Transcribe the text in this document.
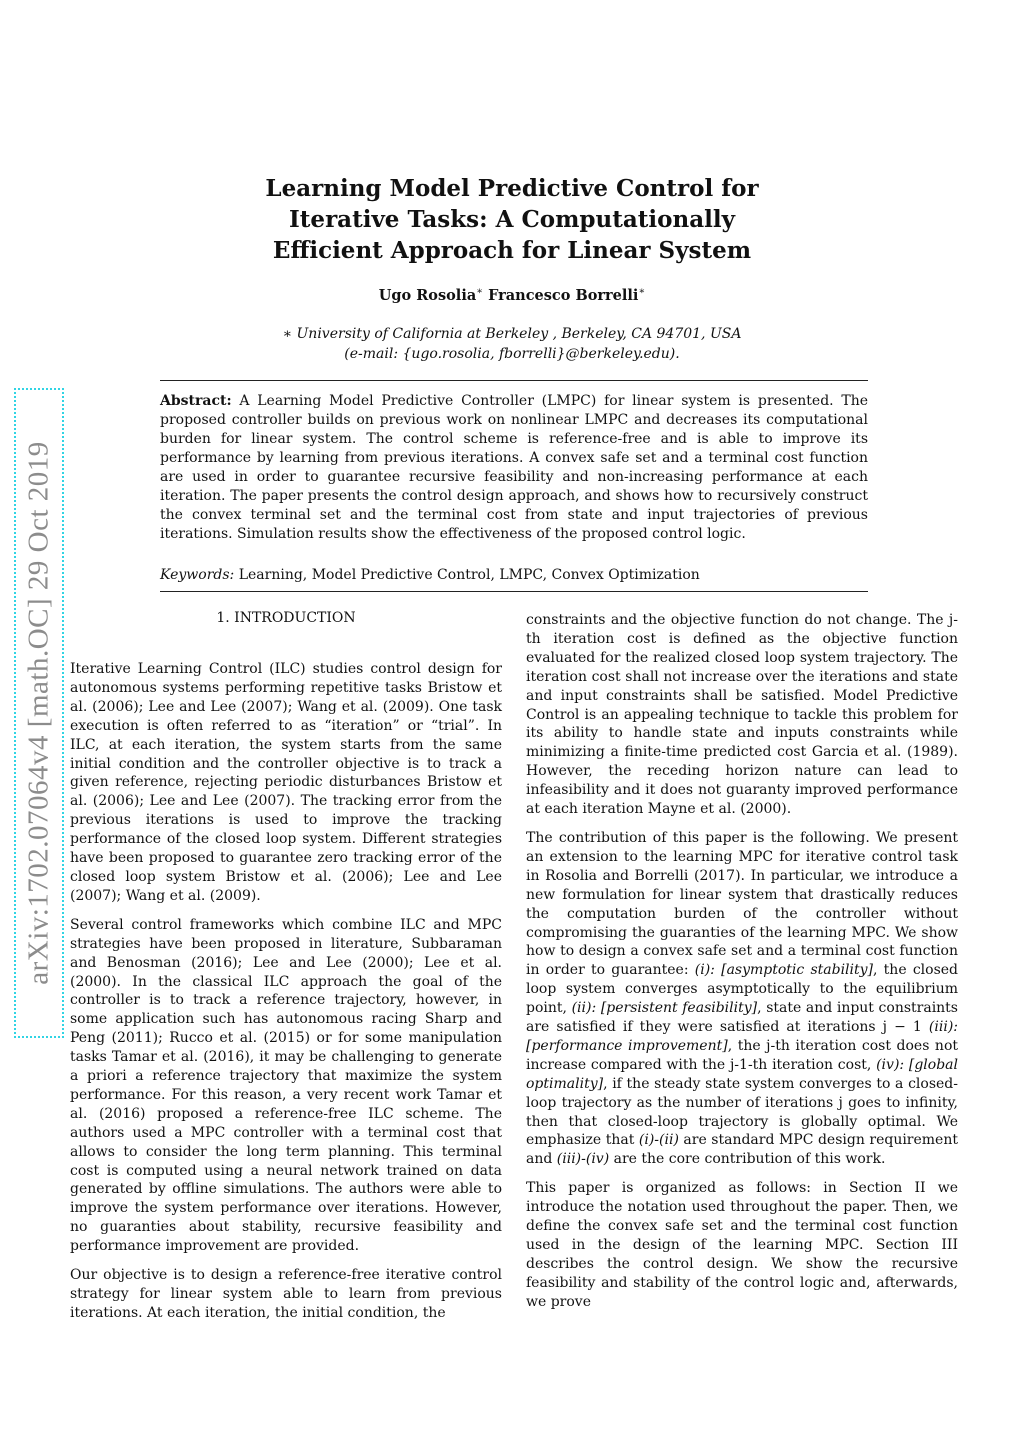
arXiv:1702.07064v4 [math.OC] 29 Oct 2019
Learning Model Predictive Control for
Iterative Tasks: A Computationally
Efficient Approach for Linear System
Ugo Rosolia∗ Francesco Borrelli∗
∗ University of California at Berkeley , Berkeley, CA 94701, USA
(e-mail: {ugo.rosolia, fborrelli}@berkeley.edu).
Abstract: A Learning Model Predictive Controller (LMPC) for linear system is presented. The proposed controller builds on previous work on nonlinear LMPC and decreases its computational burden for linear system. The control scheme is reference-free and is able to improve its performance by learning from previous iterations. A convex safe set and a terminal cost function are used in order to guarantee recursive feasibility and non-increasing performance at each iteration. The paper presents the control design approach, and shows how to recursively construct the convex terminal set and the terminal cost from state and input trajectories of previous iterations. Simulation results show the effectiveness of the proposed control logic.
Keywords: Learning, Model Predictive Control, LMPC, Convex Optimization
1. INTRODUCTION

Iterative Learning Control (ILC) studies control design for autonomous systems performing repetitive tasks Bristow et al. (2006); Lee and Lee (2007); Wang et al. (2009). One task execution is often referred to as “iteration” or “trial”. In ILC, at each iteration, the system starts from the same initial condition and the controller objective is to track a given reference, rejecting periodic disturbances Bristow et al. (2006); Lee and Lee (2007). The tracking error from the previous iterations is used to improve the tracking performance of the closed loop system. Different strategies have been proposed to guarantee zero tracking error of the closed loop system Bristow et al. (2006); Lee and Lee (2007); Wang et al. (2009).

Several control frameworks which combine ILC and MPC strategies have been proposed in literature, Subbaraman and Benosman (2016); Lee and Lee (2000); Lee et al. (2000). In the classical ILC approach the goal of the controller is to track a reference trajectory, however, in some application such has autonomous racing Sharp and Peng (2011); Rucco et al. (2015) or for some manipulation tasks Tamar et al. (2016), it may be challenging to generate a priori a reference trajectory that maximize the system performance. For this reason, a very recent work Tamar et al. (2016) proposed a reference-free ILC scheme. The authors used a MPC controller with a terminal cost that allows to consider the long term planning. This terminal cost is computed using a neural network trained on data generated by offline simulations. The authors were able to improve the system performance over iterations. However, no guaranties about stability, recursive feasibility and performance improvement are provided.

Our objective is to design a reference-free iterative control strategy for linear system able to learn from previous iterations. At each iteration, the initial condition, the

constraints and the objective function do not change. The j-th iteration cost is defined as the objective function evaluated for the realized closed loop system trajectory. The iteration cost shall not increase over the iterations and state and input constraints shall be satisfied. Model Predictive Control is an appealing technique to tackle this problem for its ability to handle state and inputs constraints while minimizing a finite-time predicted cost Garcia et al. (1989). However, the receding horizon nature can lead to infeasibility and it does not guaranty improved performance at each iteration Mayne et al. (2000).

The contribution of this paper is the following. We present an extension to the learning MPC for iterative control task in Rosolia and Borrelli (2017). In particular, we introduce a new formulation for linear system that drastically reduces the computation burden of the controller without compromising the guaranties of the learning MPC. We show how to design a convex safe set and a terminal cost function in order to guarantee: (i): [asymptotic stability], the closed loop system converges asymptotically to the equilibrium point, (ii): [persistent feasibility], state and input constraints are satisfied if they were satisfied at iterations j − 1 (iii): [performance improvement], the j-th iteration cost does not increase compared with the j-1-th iteration cost, (iv): [global optimality], if the steady state system converges to a closed-loop trajectory as the number of iterations j goes to infinity, then that closed-loop trajectory is globally optimal. We emphasize that (i)-(ii) are standard MPC design requirement and (iii)-(iv) are the core contribution of this work.

This paper is organized as follows: in Section II we introduce the notation used throughout the paper. Then, we define the convex safe set and the terminal cost function used in the design of the learning MPC. Section III describes the control design. We show the recursive feasibility and stability of the control logic and, afterwards, we prove
